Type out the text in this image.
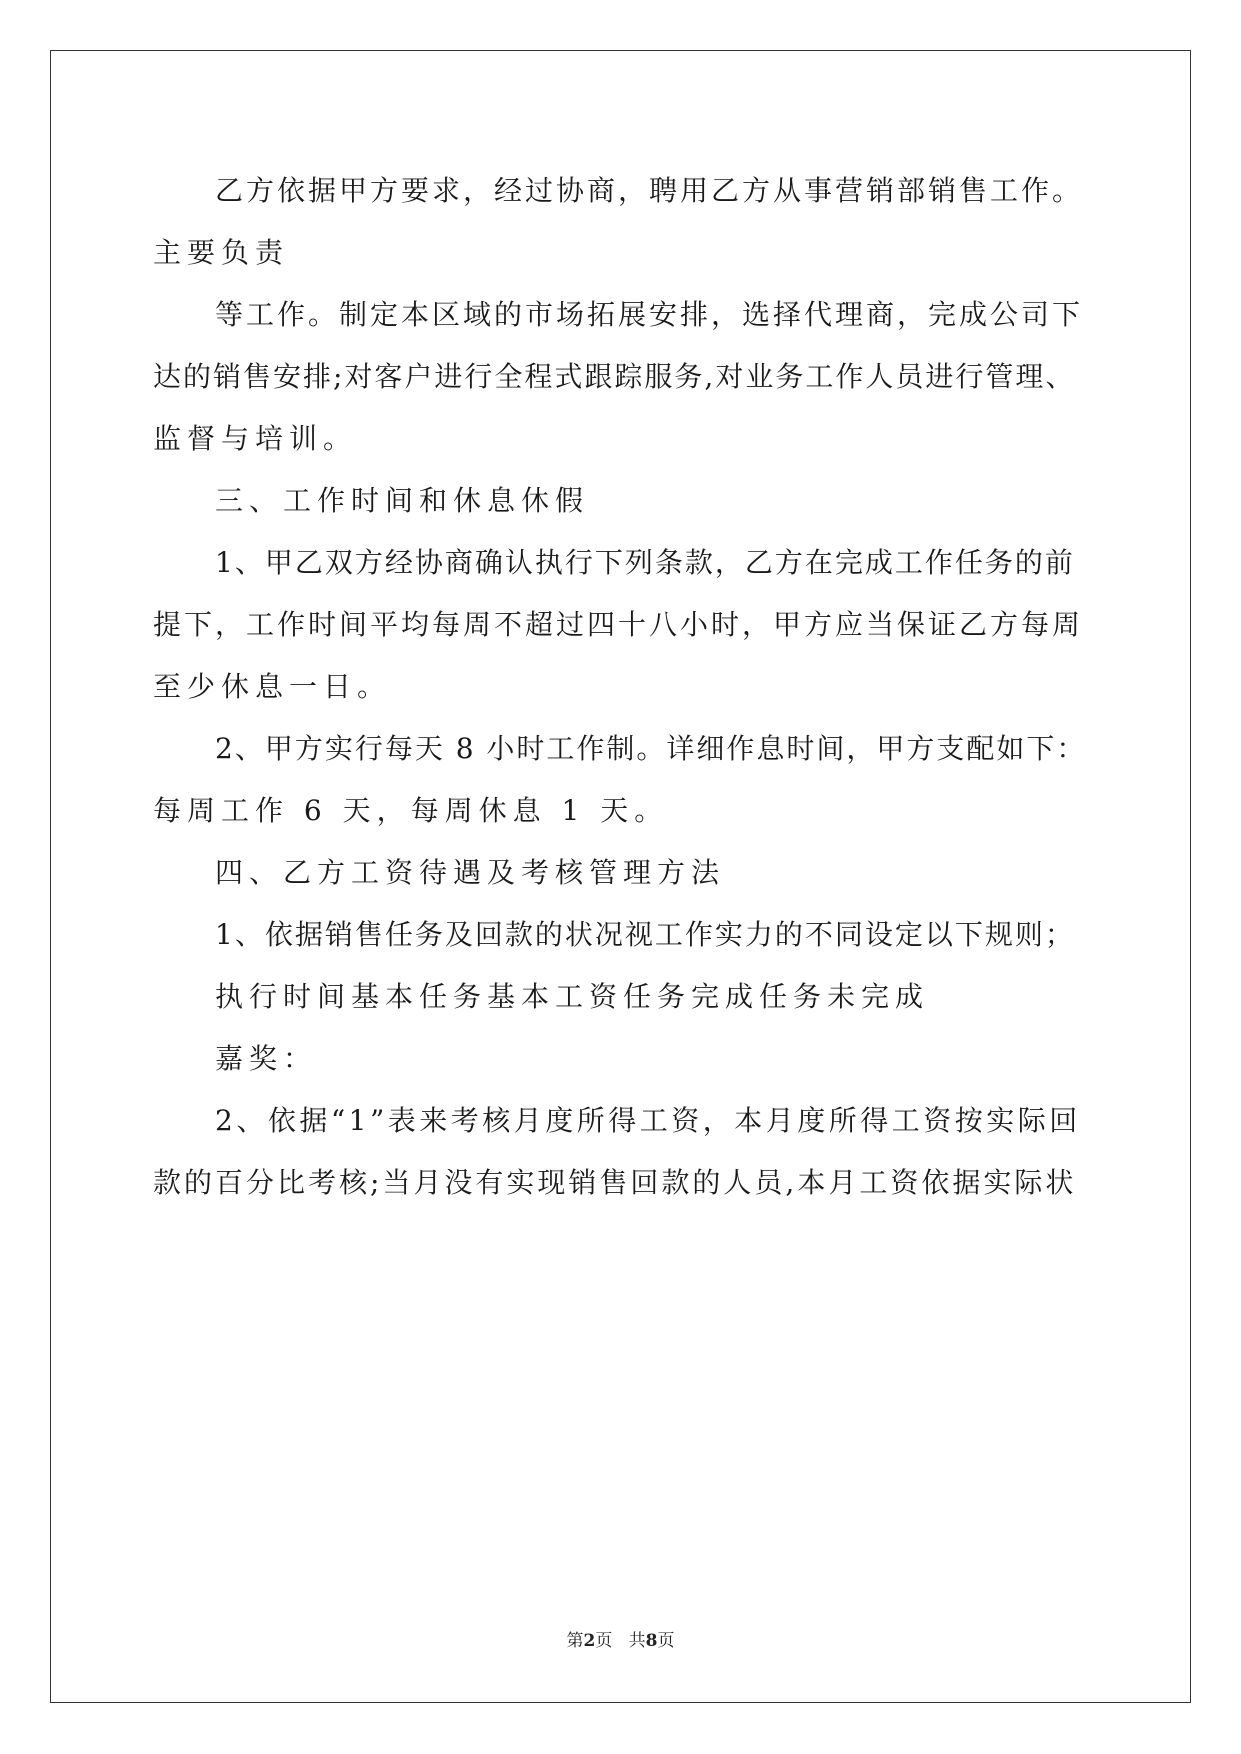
乙方依据甲方要求，经过协商，聘用乙方从事营销部销售工作。
主要负责
等工作。制定本区域的市场拓展安排，选择代理商，完成公司下
达的销售安排;对客户进行全程式跟踪服务,对业务工作人员进行管理、
监督与培训。
三、工作时间和休息休假
1、甲乙双方经协商确认执行下列条款，乙方在完成工作任务的前
提下，工作时间平均每周不超过四十八小时，甲方应当保证乙方每周
至少休息一日。
2、甲方实行每天 8 小时工作制。详细作息时间，甲方支配如下：
每周工作 6 天，每周休息 1 天。
四、乙方工资待遇及考核管理方法
1、依据销售任务及回款的状况视工作实力的不同设定以下规则；
执行时间基本任务基本工资任务完成任务未完成
嘉奖：
2、依据“1”表来考核月度所得工资，本月度所得工资按实际回
款的百分比考核;当月没有实现销售回款的人员,本月工资依据实际状
第2页 共8页
